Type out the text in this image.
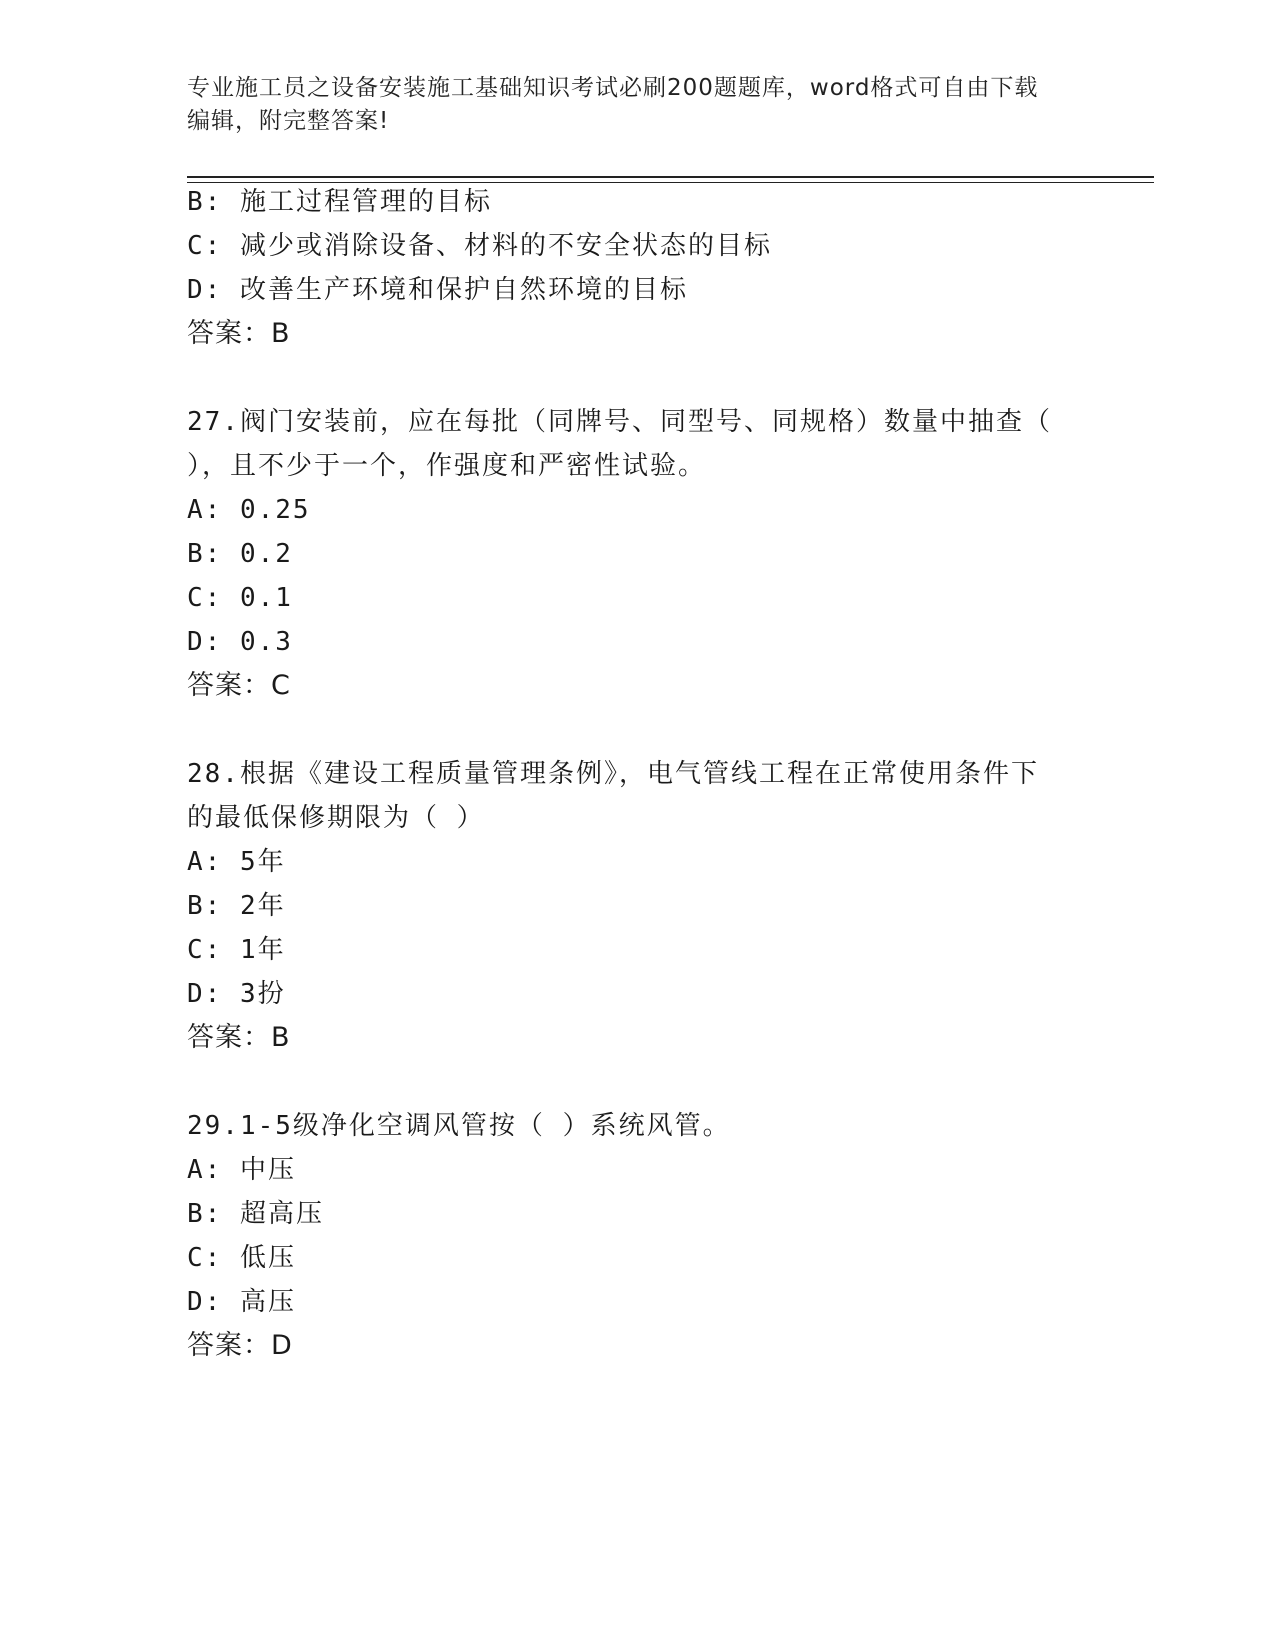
专业施工员之设备安装施工基础知识考试必刷200题题库，word格式可自由下载
编辑，附完整答案!
B: 施工过程管理的目标
C: 减少或消除设备、材料的不安全状态的目标
D: 改善生产环境和保护自然环境的目标
答案：B
27.阀门安装前，应在每批（同牌号、同型号、同规格）数量中抽查（
），且不少于一个，作强度和严密性试验。
A: 0.25
B: 0.2
C: 0.1
D: 0.3
答案：C
28.根据《建设工程质量管理条例》，电气管线工程在正常使用条件下
的最低保修期限为（ ）
A: 5年
B: 2年
C: 1年
D: 3扮
答案：B
29.1-5级净化空调风管按（ ）系统风管。
A: 中压
B: 超高压
C: 低压
D: 高压
答案：D
